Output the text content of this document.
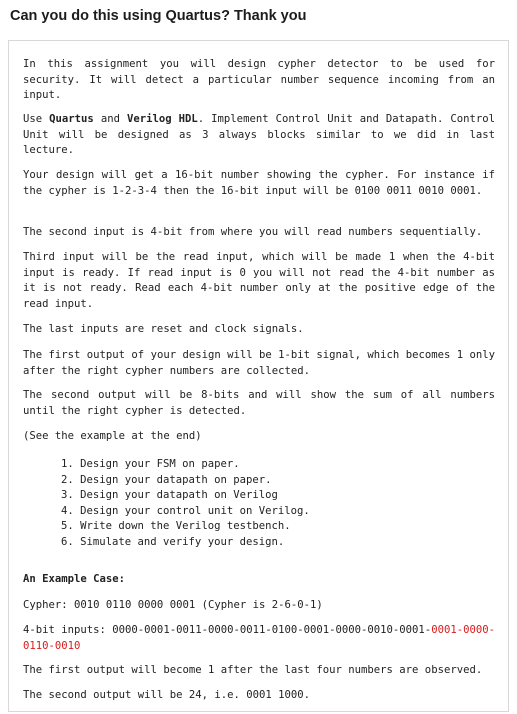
Can you do this using Quartus? Thank you

In this assignment you will design cypher detector to be used for security. It will detect a particular number sequence incoming from an input.

Use Quartus and Verilog HDL. Implement Control Unit and Datapath. Control Unit will be designed as 3 always blocks similar to we did in last lecture.

Your design will get a 16-bit number showing the cypher. For instance if the cypher is 1-2-3-4 then the 16-bit input will be 0100 0011 0010 0001.

The second input is 4-bit from where you will read numbers sequentially.

Third input will be the read input, which will be made 1 when the 4-bit input is ready. If read input is 0 you will not read the 4-bit number as it is not ready. Read each 4-bit number only at the positive edge of the read input.

The last inputs are reset and clock signals.

The first output of your design will be 1-bit signal, which becomes 1 only after the right cypher numbers are collected.

The second output will be 8-bits and will show the sum of all numbers until the right cypher is detected.

(See the example at the end)

1. Design your FSM on paper.
2. Design your datapath on paper.
3. Design your datapath on Verilog
4. Design your control unit on Verilog.
5. Write down the Verilog testbench.
6. Simulate and verify your design.

An Example Case:

Cypher: 0010 0110 0000 0001 (Cypher is 2-6-0-1)

4-bit inputs: 0000-0001-0011-0000-0011-0100-0001-0000-0010-0001-0001-0000-0110-0010

The first output will become 1 after the last four numbers are observed.

The second output will be 24, i.e. 0001 1000.
